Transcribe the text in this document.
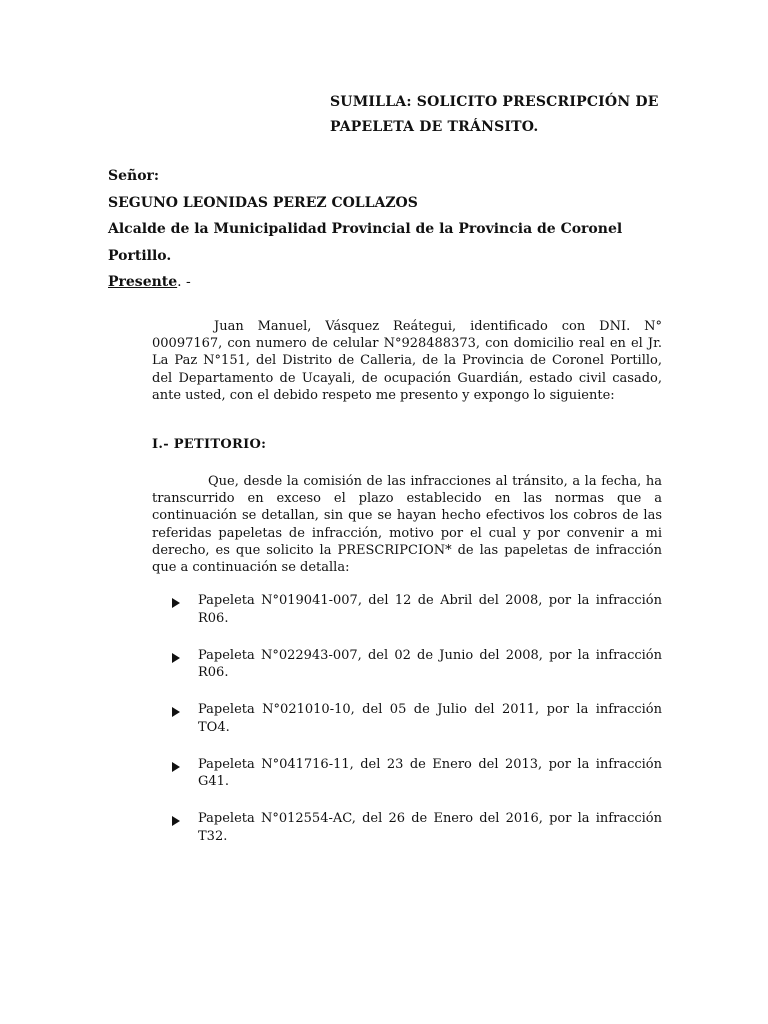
SUMILLA: SOLICITO PRESCRIPCIÓN DE
PAPELETA DE TRÁNSITO.
Señor:
SEGUNO LEONIDAS PEREZ COLLAZOS
Alcalde de la Municipalidad Provincial de la Provincia de Coronel
Portillo.
Presente. -
Juan Manuel, Vásquez Reátegui, identificado con DNI. N° 00097167, con numero de celular N°928488373, con domicilio real en el Jr. La Paz N°151, del Distrito de Calleria, de la Provincia de Coronel Portillo, del Departamento de Ucayali, de ocupación Guardián, estado civil casado, ante usted, con el debido respeto me presento y expongo lo siguiente:
I.- PETITORIO:
Que, desde la comisión de las infracciones al tránsito, a la fecha, ha transcurrido en exceso el plazo establecido en las normas que a continuación se detallan, sin que se hayan hecho efectivos los cobros de las referidas papeletas de infracción, motivo por el cual y por convenir a mi derecho, es que solicito la PRESCRIPCION* de las papeletas de infracción que a continuación se detalla:
Papeleta N°019041-007, del 12 de Abril del 2008, por la infracción R06.
Papeleta N°022943-007, del 02 de Junio del 2008, por la infracción R06.
Papeleta N°021010-10, del 05 de Julio del 2011, por la infracción TO4.
Papeleta N°041716-11, del 23 de Enero del 2013, por la infracción G41.
Papeleta N°012554-AC, del 26 de Enero del 2016, por la infracción T32.
